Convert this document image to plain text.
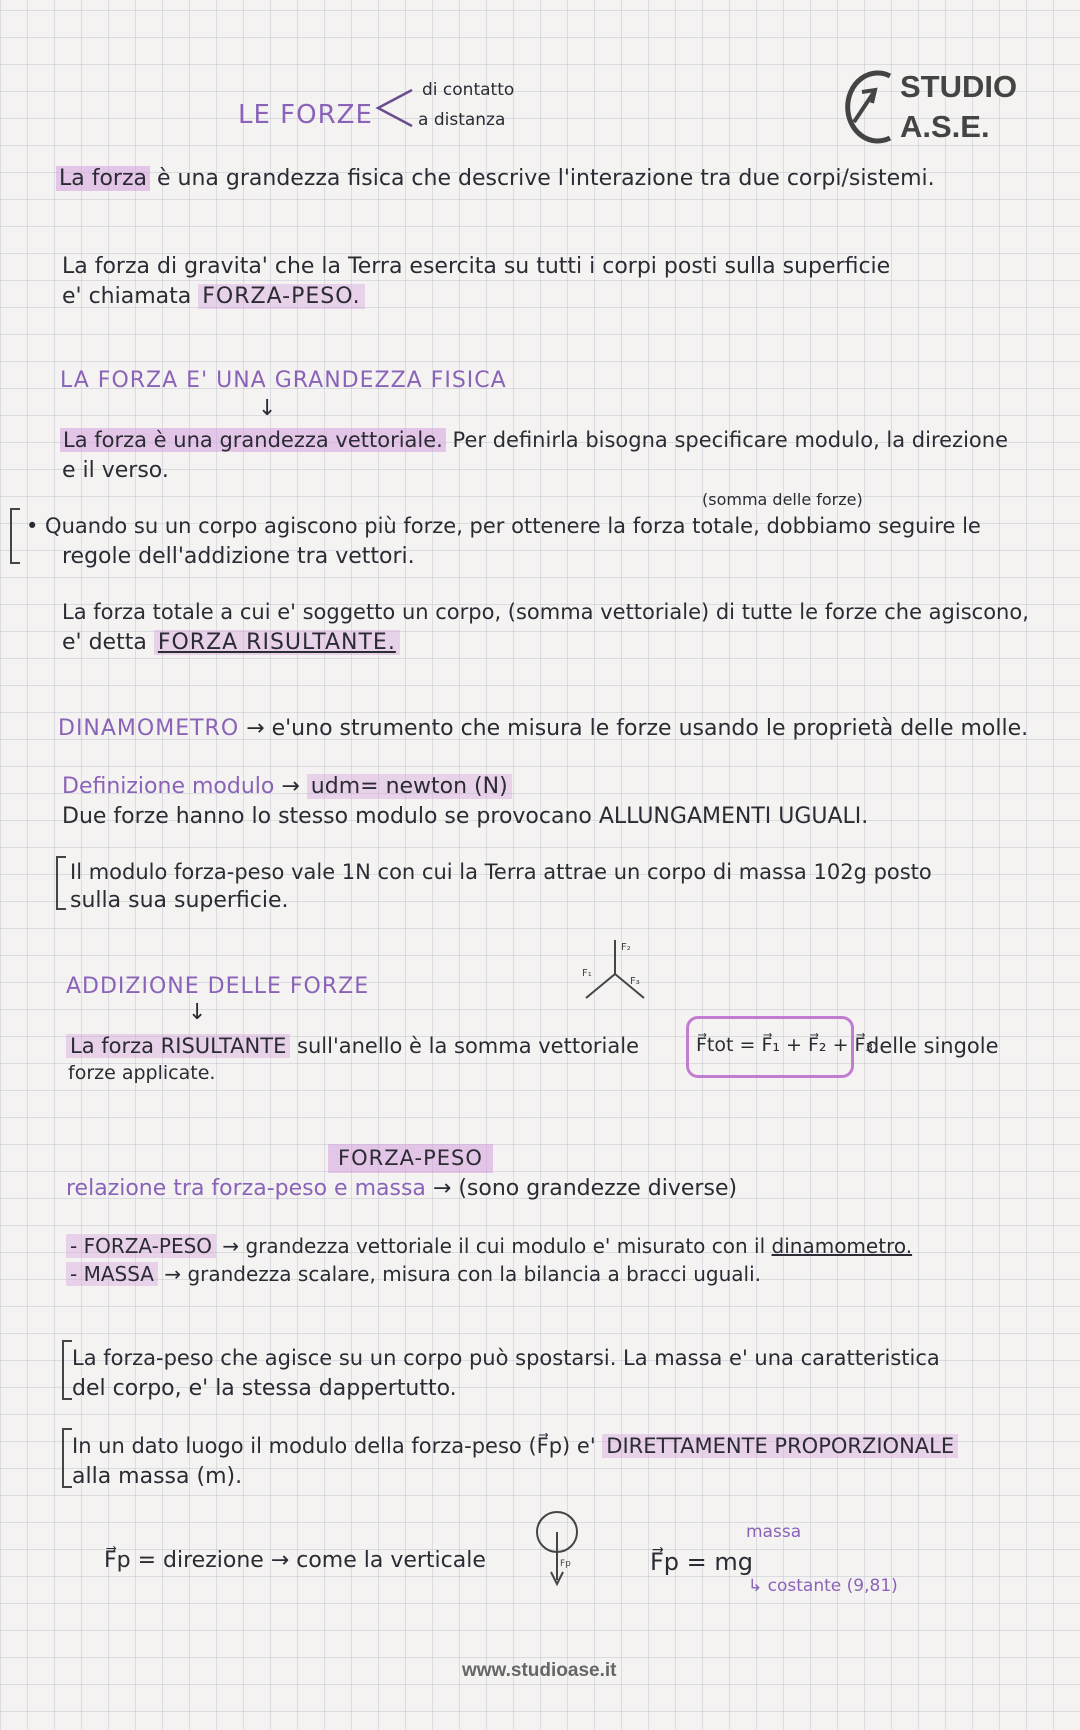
LE FORZE
di contatto
a distanza
STUDIO
A.S.E.
La forza è una grandezza fisica che descrive l'interazione tra due corpi/sistemi.
La forza di gravita' che la Terra esercita su tutti i corpi posti sulla superficie
e' chiamata FORZA-PESO.
LA FORZA E' UNA GRANDEZZA FISICA
↓
La forza è una grandezza vettoriale. Per definirla bisogna specificare modulo, la direzione
e il verso.
(somma delle forze)
• Quando su un corpo agiscono più forze, per ottenere la forza totale, dobbiamo seguire le
regole dell'addizione tra vettori.
La forza totale a cui e' soggetto un corpo, (somma vettoriale) di tutte le forze che agiscono,
e' detta FORZA RISULTANTE.
DINAMOMETRO → e'uno strumento che misura le forze usando le proprietà delle molle.
Definizione modulo → udm= newton (N)
Due forze hanno lo stesso modulo se provocano ALLUNGAMENTI UGUALI.
Il modulo forza-peso vale 1N con cui la Terra attrae un corpo di massa 102g posto
sulla sua superficie.
ADDIZIONE DELLE FORZE
↓
F₁
F₂
F₃
La forza RISULTANTE sull'anello è la somma vettoriale	F⃗tot = F⃗₁ + F⃗₂ + F⃗₃
delle singole
forze applicate.
FORZA-PESO
relazione tra forza-peso e massa → (sono grandezze diverse)
- FORZA-PESO → grandezza vettoriale il cui modulo e' misurato con il dinamometro.
- MASSA → grandezza scalare, misura con la bilancia a bracci uguali.
La forza-peso che agisce su un corpo può spostarsi. La massa e' una caratteristica
del corpo, e' la stessa dappertutto.
In un dato luogo il modulo della forza-peso (F⃗p) e' DIRETTAMENTE PROPORZIONALE
alla massa (m).
F⃗p = direzione → come la verticale	Fp	F⃗p = mg
massa
↳ costante (9,81)
www.studioase.it
